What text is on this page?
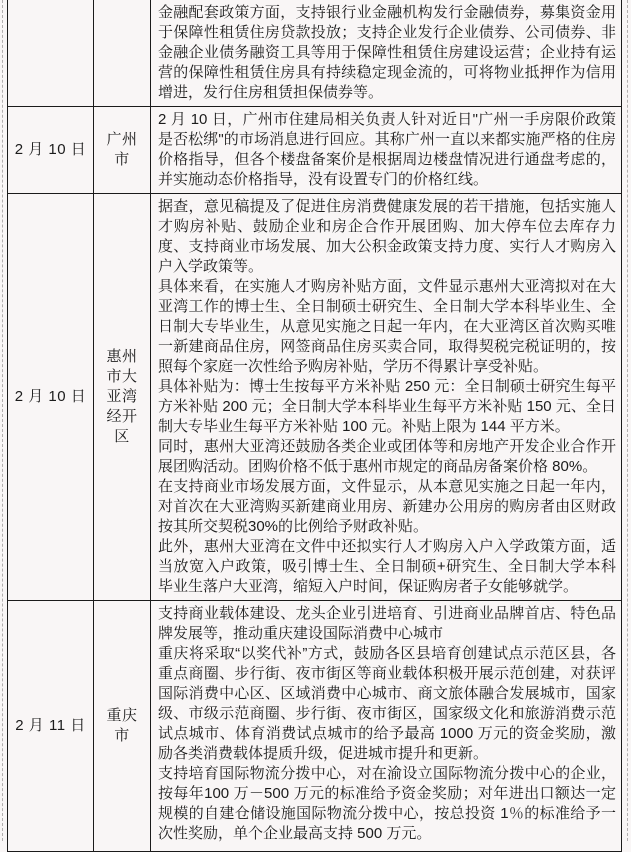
		金融配套政策方面，支持银行业金融机构发行金融债券，募集资金用于保障性租赁住房贷款投放；支持企业发行企业债券、公司债券、非金融企业债务融资工具等用于保障性租赁住房建设运营；企业持有运营的保障性租赁住房具有持续稳定现金流的，可将物业抵押作为信用增进，发行住房租赁担保债券等。

2 月 10 日	广州市	2 月 10 日，广州市住建局相关负责人针对近日"广州一手房限价政策是否松绑"的市场消息进行回应。其称广州一直以来都实施严格的住房价格指导，但各个楼盘备案价是根据周边楼盘情况进行通盘考虑的，并实施动态价格指导，没有设置专门的价格红线。

2 月 10 日	惠州市大亚湾经开区	

据查，意见稿提及了促进住房消费健康发展的若干措施，包括实施人才购房补贴、鼓励企业和房企合作开展团购、加大停车位去库存力度、支持商业市场发展、加大公积金政策支持力度、实行人才购房入户入学政策等。

具体来看，在实施人才购房补贴方面，文件显示惠州大亚湾拟对在大亚湾工作的博士生、全日制硕士研究生、全日制大学本科毕业生、全日制大专毕业生，从意见实施之日起一年内，在大亚湾区首次购买唯一新建商品住房，网签商品住房买卖合同，取得契税完税证明的，按照每个家庭一次性给予购房补贴，学历不得累计享受补贴。

具体补贴为：博士生按每平方米补贴 250 元：全日制硕士研究生每平方米补贴 200 元；全日制大学本科毕业生每平方米补贴 150 元、全日制大专毕业生每平方米补贴 100 元。补贴上限为 144 平方米。

同时，惠州大亚湾还鼓励各类企业或团体等和房地产开发企业合作开展团购活动。团购价格不低于惠州市规定的商品房备案价格 80%。

在支持商业市场发展方面，文件显示，从本意见实施之日起一年内，对首次在大亚湾购买新建商业用房、新建办公用房的购房者由区财政按其所交契税30%的比例给予财政补贴。

此外，惠州大亚湾在文件中还拟实行人才购房入户入学政策方面，适当放宽入户政策，吸引博士生、全日制硕+研究生、全日制大学本科毕业生落户大亚湾，缩短入户时间，保证购房者子女能够就学。

2 月 11 日	重庆市	支持商业载体建设、龙头企业引进培育、引进商业品牌首店、特色品牌发展等，推动重庆建设国际消费中心城市

重庆将采取“以奖代补”方式，鼓励各区县培育创建试点示范区县，各重点商圈、步行街、夜市街区等商业载体积极开展示范创建，对获评国际消费中心区、区域消费中心城市、商文旅体融合发展城市，国家级、市级示范商圈、步行街、夜市街区，国家级文化和旅游消费示范试点城市、体育消费试点城市的给予最高 1000 万元的资金奖励，激励各类消费载体提质升级，促进城市提升和更新。

支持培育国际物流分拨中心，对在渝设立国际物流分拨中心的企业，按每年100 万－500 万元的标准给予资金奖励；对年进出口额达一定规模的自建仓储设施国际物流分拨中心，按总投资 1％的标准给予一次性奖励，单个企业最高支持 500 万元。
